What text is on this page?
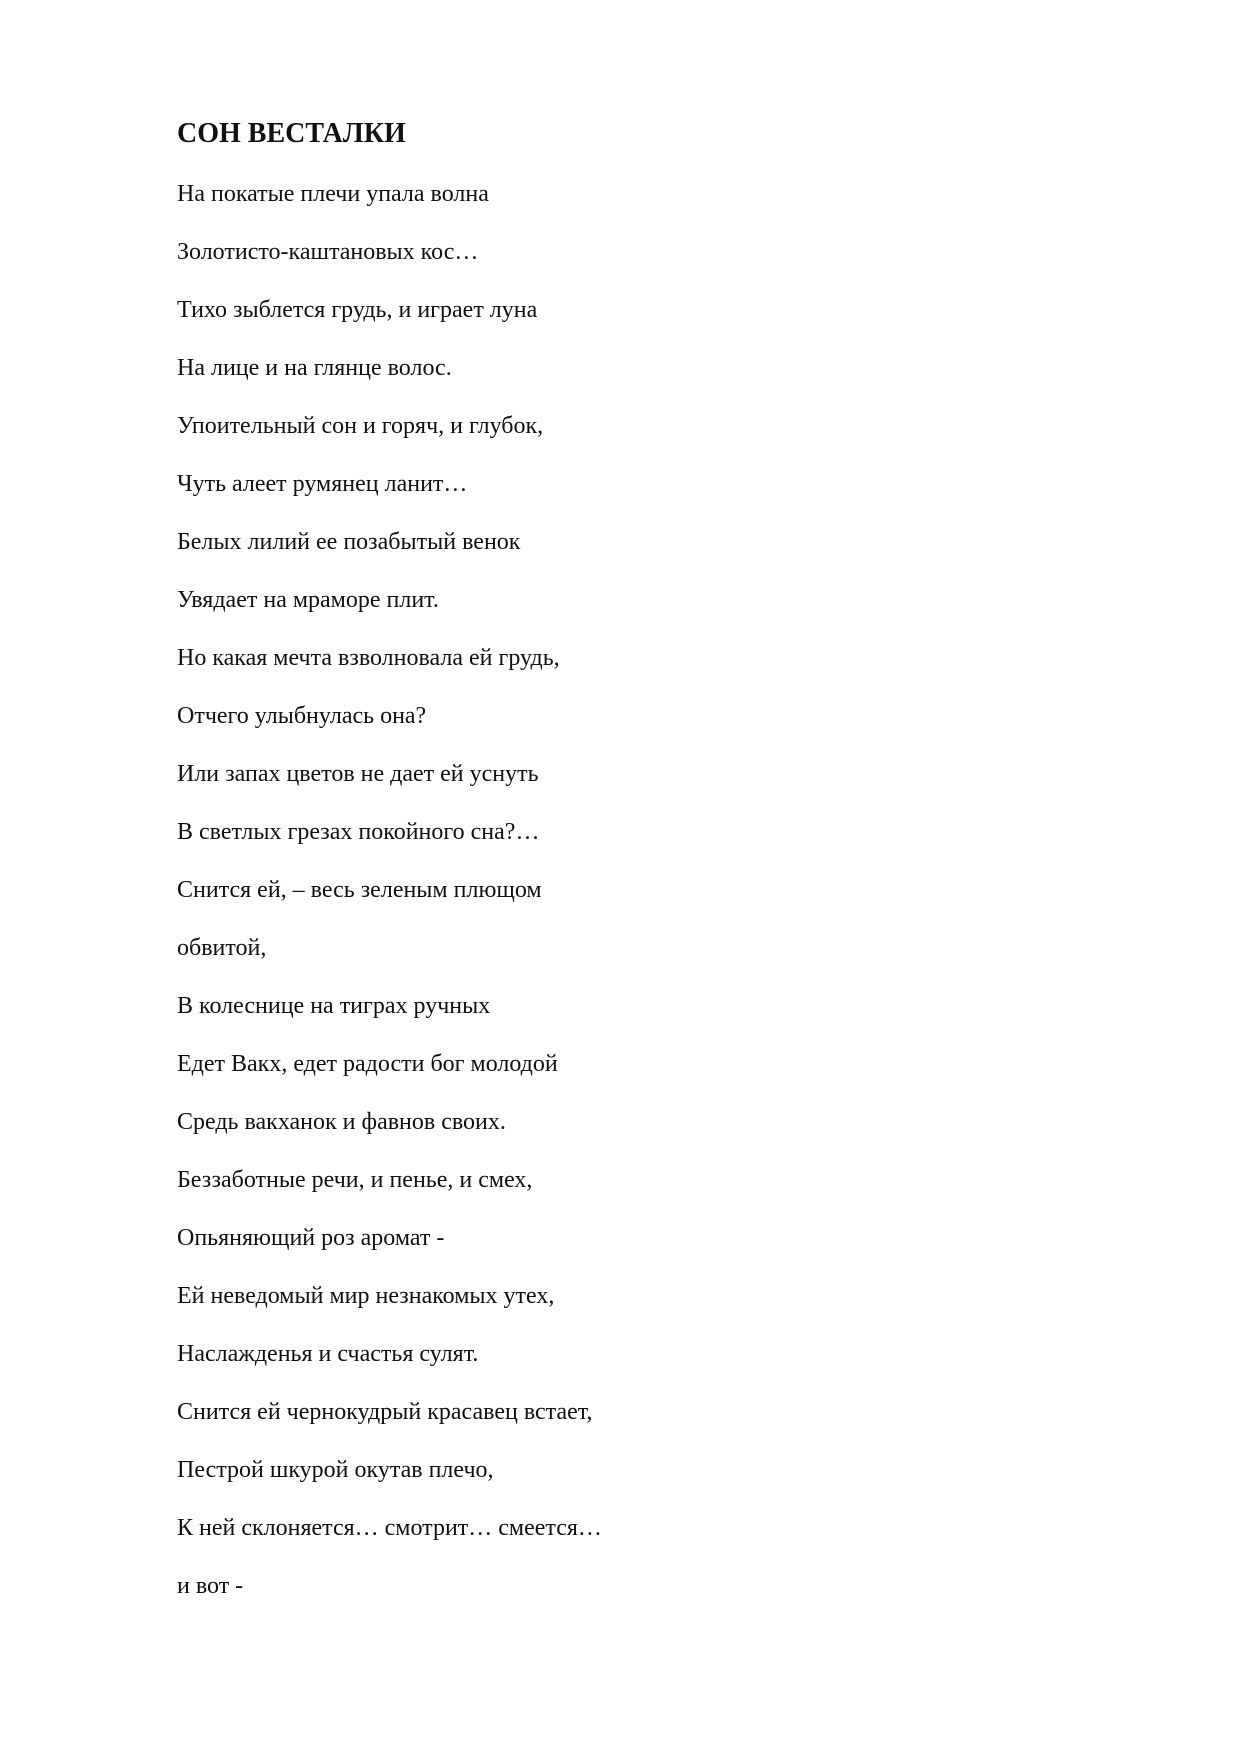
СОН ВЕСТАЛКИ
На покатые плечи упала волна
Золотисто-каштановых кос…
Тихо зыблется грудь, и играет луна
На лице и на глянце волос.
Упоительный сон и горяч, и глубок,
Чуть алеет румянец ланит…
Белых лилий ее позабытый венок
Увядает на мраморе плит.
Но какая мечта взволновала ей грудь,
Отчего улыбнулась она?
Или запах цветов не дает ей уснуть
В светлых грезах покойного сна?…
Снится ей, – весь зеленым плющом
обвитой,
В колеснице на тиграх ручных
Едет Вакх, едет радости бог молодой
Средь вакханок и фавнов своих.
Беззаботные речи, и пенье, и смех,
Опьяняющий роз аромат -
Ей неведомый мир незнакомых утех,
Наслажденья и счастья сулят.
Снится ей чернокудрый красавец встает,
Пестрой шкурой окутав плечо,
К ней склоняется… смотрит… смеется…
и вот -
